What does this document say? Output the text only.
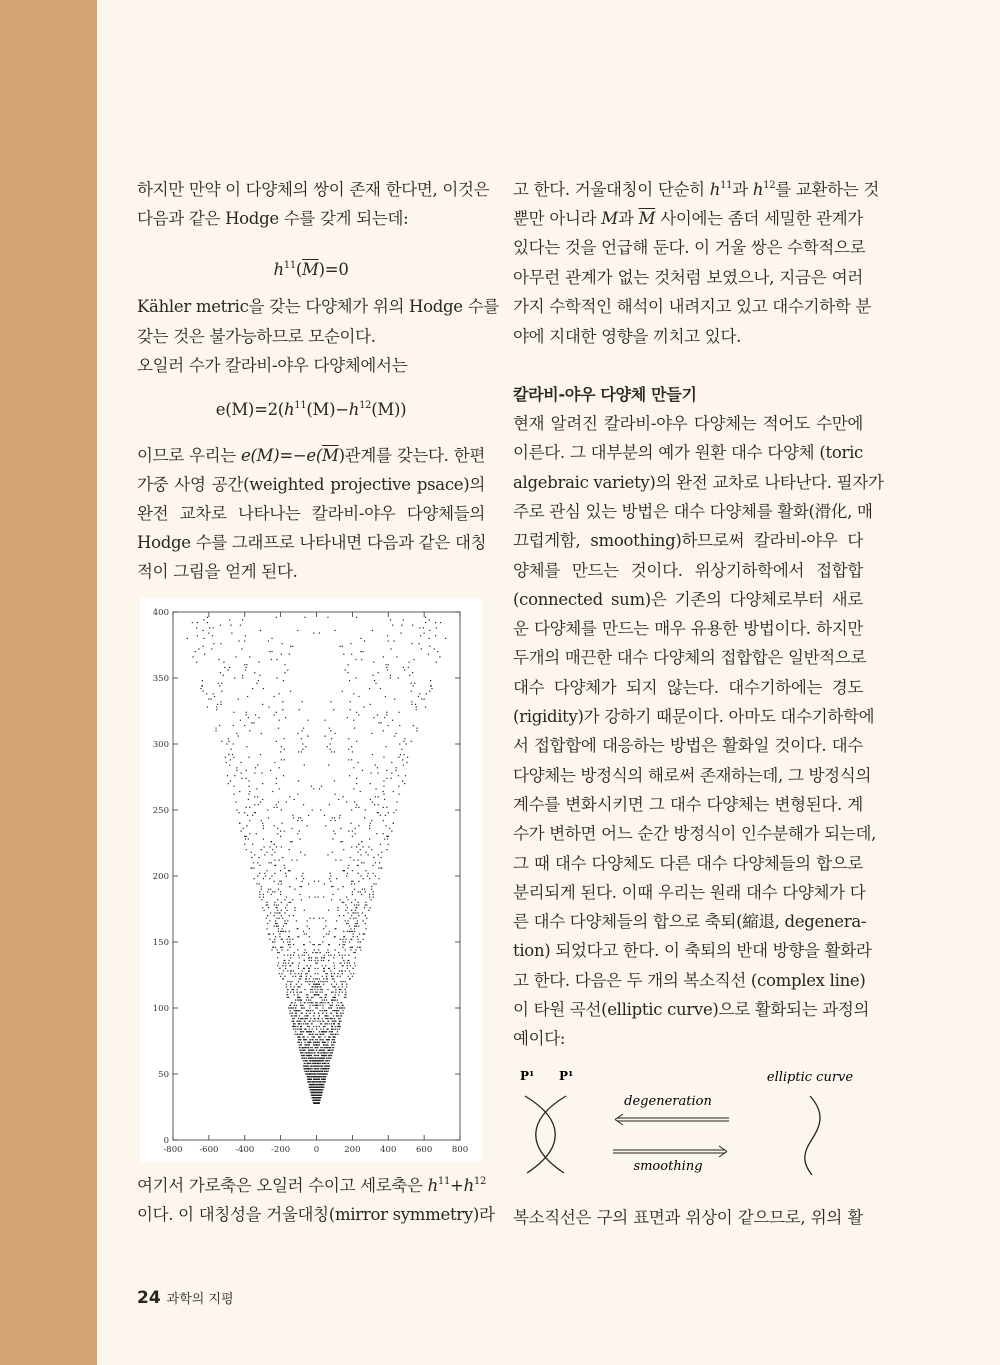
하지만 만약 이 다양체의 쌍이 존재 한다면, 이것은
다음과 같은 Hodge 수를 갖게 되는데:
$h^{11}(\overline{M})=0$
Kähler metric을 갖는 다양체가 위의 Hodge 수를
갖는 것은 불가능하므로 모순이다.
오일러 수가 칼라비-야우 다양체에서는
$e(M)=2(h^{11}(M)-h^{12}(M))$
이므로 우리는 $e(M)=-e(\overline{M})$관계를 갖는다. 한편
가중 사영 공간(weighted projective psace)의
완전 교차로 나타나는 칼라비-야우 다양체들의
Hodge 수를 그래프로 나타내면 다음과 같은 대칭
적이 그림을 얻게 된다.
0
50
100
150
200
250
300
350
400
-800 -600 -400 -200	0	200 400 600 800
여기서 가로축은 오일러 수이고 세로축은 $h^{11}+h^{12}$
이다. 이 대칭성을 거울대칭(mirror symmetry)라
고 한다. 거울대칭이 단순히 $h^{11}$과 $h^{12}$를 교환하는 것
뿐만 아니라 M과 $\overline{M}$ 사이에는 좀더 세밀한 관계가
있다는 것을 언급해 둔다. 이 거울 쌍은 수학적으로
아무런 관계가 없는 것처럼 보였으나, 지금은 여러
가지 수학적인 해석이 내려지고 있고 대수기하학 분
야에 지대한 영향을 끼치고 있다.
칼라비-야우 다양체 만들기
현재 알려진 칼라비-야우 다양체는 적어도 수만에
이른다. 그 대부분의 예가 원환 대수 다양체 (toric
algebraic variety)의 완전 교차로 나타난다. 필자가
주로 관심 있는 방법은 대수 다양체를 활화(滑化, 매
끄럽게함, smoothing)하므로써 칼라비-야우 다
양체를 만드는 것이다. 위상기하학에서 접합합
(connected sum)은 기존의 다양체로부터 새로
운 다양체를 만드는 매우 유용한 방법이다. 하지만
두개의 매끈한 대수 다양체의 접합합은 일반적으로
대수 다양체가 되지 않는다. 대수기하에는 경도
(rigidity)가 강하기 때문이다. 아마도 대수기하학에
서 접합합에 대응하는 방법은 활화일 것이다. 대수
다양체는 방정식의 해로써 존재하는데, 그 방정식의
계수를 변화시키면 그 대수 다양체는 변형된다. 계
수가 변하면 어느 순간 방정식이 인수분해가 되는데,
그 때 대수 다양체도 다른 대수 다양체들의 합으로
분리되게 된다. 이때 우리는 원래 대수 다양체가 다
른 대수 다양체들의 합으로 축퇴(縮退, degenera-
tion) 되었다고 한다. 이 축퇴의 반대 방향을 활화라
고 한다. 다음은 두 개의 복소직선 (complex line)
이 타원 곡선(elliptic curve)으로 활화되는 과정의
예이다:
P¹ P¹
degeneration
smoothing
elliptic curve
복소직선은 구의 표면과 위상이 같으므로, 위의 활
24 과학의 지평
